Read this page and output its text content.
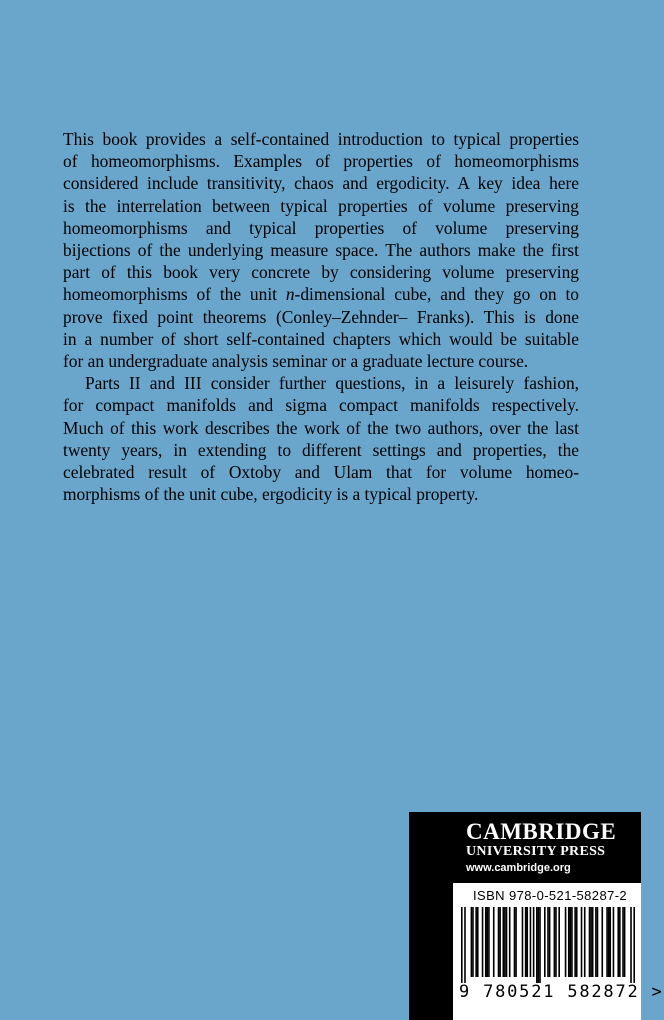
This book provides a self-contained introduction to typical properties

of homeomorphisms. Examples of properties of homeomorphisms

considered include transitivity, chaos and ergodicity. A key idea here

is the interrelation between typical properties of volume preserving

homeomorphisms and typical properties of volume preserving

bijections of the underlying measure space. The authors make the first

part of this book very concrete by considering volume preserving

homeomorphisms of the unit n-dimensional cube, and they go on to

prove fixed point theorems (Conley–Zehnder– Franks). This is done

in a number of short self-contained chapters which would be suitable

for an undergraduate analysis seminar or a graduate lecture course.

Parts II and III consider further questions, in a leisurely fashion,

for compact manifolds and sigma compact manifolds respectively.

Much of this work describes the work of the two authors, over the last

twenty years, in extending to different settings and properties, the

celebrated result of Oxtoby and Ulam that for volume homeo-

morphisms of the unit cube, ergodicity is a typical property.

CAMBRIDGE
UNIVERSITY PRESS
www.cambridge.org
ISBN 978-0-521-58287-2
9 780521 582872 >
